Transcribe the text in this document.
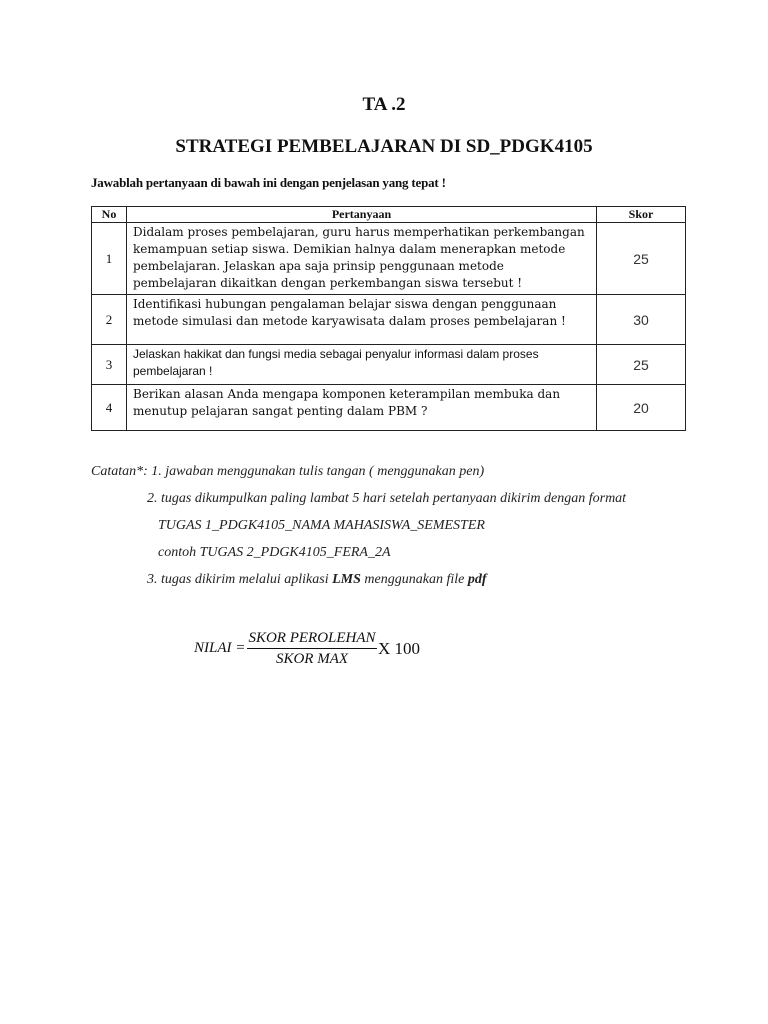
TA .2
STRATEGI PEMBELAJARAN DI SD_PDGK4105
Jawablah pertanyaan di bawah ini dengan penjelasan yang tepat !
No	Pertanyaan	Skor
1	Didalam proses pembelajaran, guru harus memperhatikan perkembangan kemampuan setiap siswa. Demikian halnya dalam menerapkan metode pembelajaran. Jelaskan apa saja prinsip penggunaan metode pembelajaran dikaitkan dengan perkembangan siswa tersebut !	25
2	Identifikasi hubungan pengalaman belajar siswa dengan penggunaan metode simulasi dan metode karyawisata dalam proses pembelajaran !	30
3	Jelaskan hakikat dan fungsi media sebagai penyalur informasi dalam proses pembelajaran !	25
4	Berikan alasan Anda mengapa komponen keterampilan membuka dan menutup pelajaran sangat penting dalam PBM ?	20
Catatan*: 1. jawaban menggunakan tulis tangan ( menggunakan pen)
2. tugas dikumpulkan paling lambat 5 hari setelah pertanyaan dikirim dengan format
TUGAS 1_PDGK4105_NAMA MAHASISWA_SEMESTER
contoh TUGAS 2_PDGK4105_FERA_2A
3. tugas dikirim melalui aplikasi LMS menggunakan file pdf
NILAI =
SKOR PEROLEHAN
SKOR MAX
X 100
